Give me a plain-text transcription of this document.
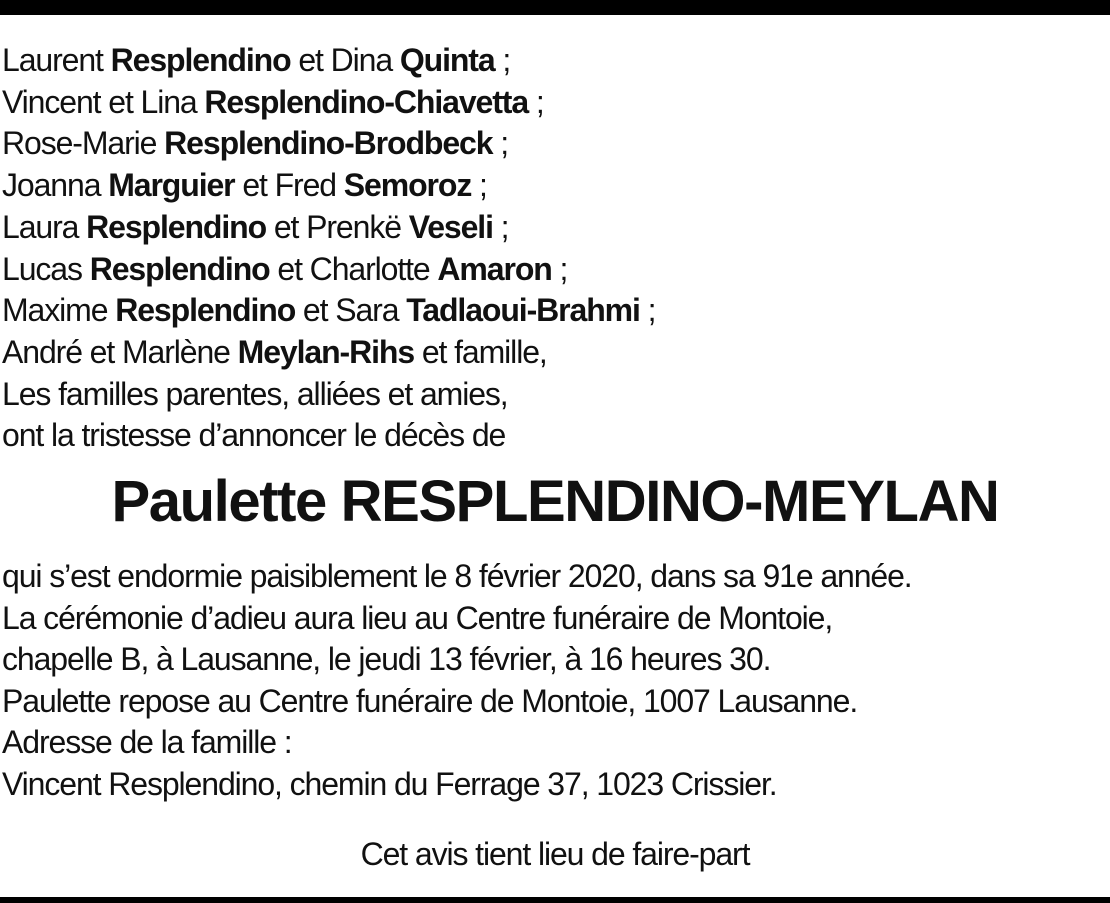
Laurent Resplendino et Dina Quinta ;
Vincent et Lina Resplendino-Chiavetta ;
Rose-Marie Resplendino-Brodbeck ;
Joanna Marguier et Fred Semoroz ;
Laura Resplendino et Prenkë Veseli ;
Lucas Resplendino et Charlotte Amaron ;
Maxime Resplendino et Sara Tadlaoui-Brahmi ;
André et Marlène Meylan-Rihs et famille,
Les familles parentes, alliées et amies,
ont la tristesse d’annoncer le décès de
Paulette RESPLENDINO-MEYLAN
qui s’est endormie paisiblement le 8 février 2020, dans sa 91e année.
La cérémonie d’adieu aura lieu au Centre funéraire de Montoie,
chapelle B, à Lausanne, le jeudi 13 février, à 16 heures 30.
Paulette repose au Centre funéraire de Montoie, 1007 Lausanne.
Adresse de la famille :
Vincent Resplendino, chemin du Ferrage 37, 1023 Crissier.
Cet avis tient lieu de faire-part
